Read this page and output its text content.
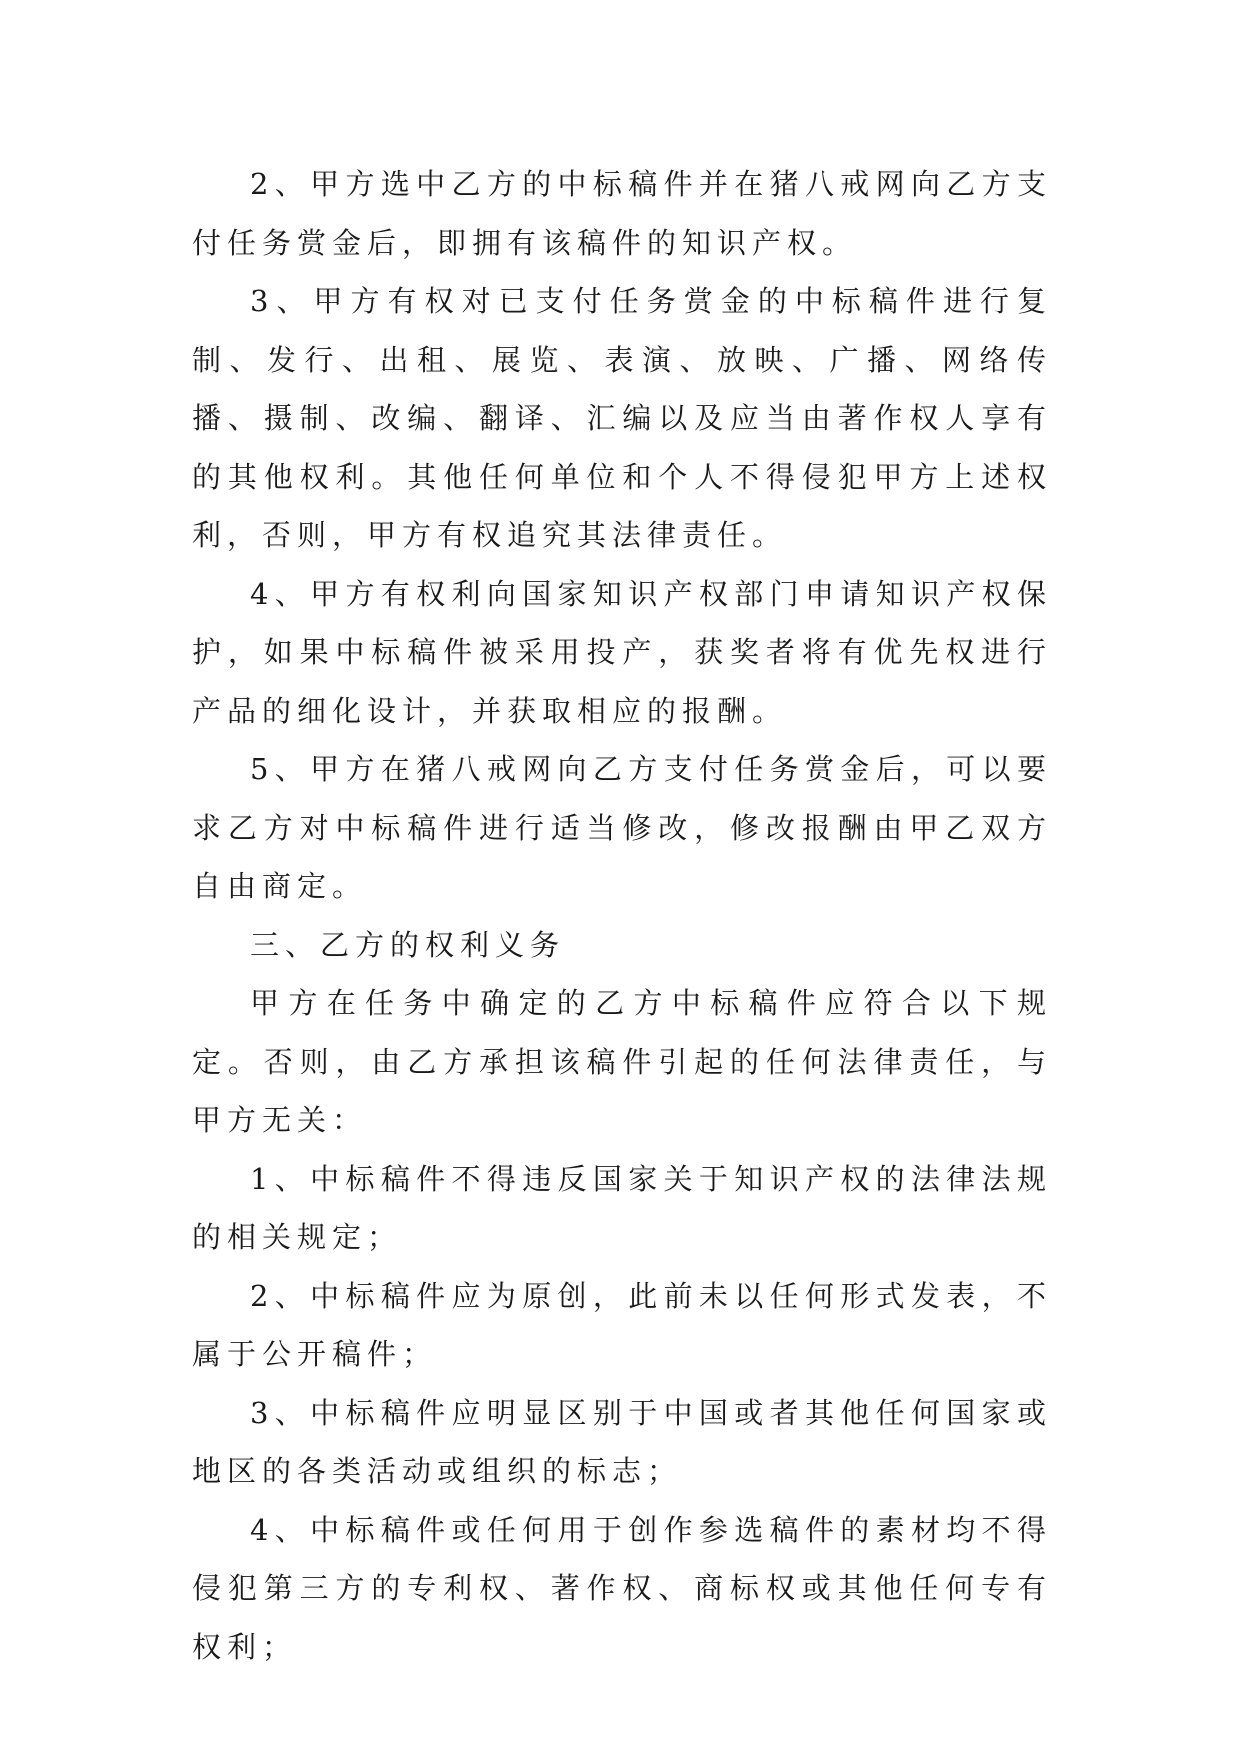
2、甲方选中乙方的中标稿件并在猪八戒网向乙方支付任务赏金后，即拥有该稿件的知识产权。

3、甲方有权对已支付任务赏金的中标稿件进行复制、发行、出租、展览、表演、放映、广播、网络传播、摄制、改编、翻译、汇编以及应当由著作权人享有的其他权利。其他任何单位和个人不得侵犯甲方上述权利，否则，甲方有权追究其法律责任。

4、甲方有权利向国家知识产权部门申请知识产权保护，如果中标稿件被采用投产，获奖者将有优先权进行产品的细化设计，并获取相应的报酬。

5、甲方在猪八戒网向乙方支付任务赏金后，可以要求乙方对中标稿件进行适当修改，修改报酬由甲乙双方自由商定。

三、乙方的权利义务

甲方在任务中确定的乙方中标稿件应符合以下规定。否则，由乙方承担该稿件引起的任何法律责任，与甲方无关：

1、中标稿件不得违反国家关于知识产权的法律法规的相关规定；

2、中标稿件应为原创，此前未以任何形式发表，不属于公开稿件；

3、中标稿件应明显区别于中国或者其他任何国家或地区的各类活动或组织的标志；

4、中标稿件或任何用于创作参选稿件的素材均不得侵犯第三方的专利权、著作权、商标权或其他任何专有权利；
